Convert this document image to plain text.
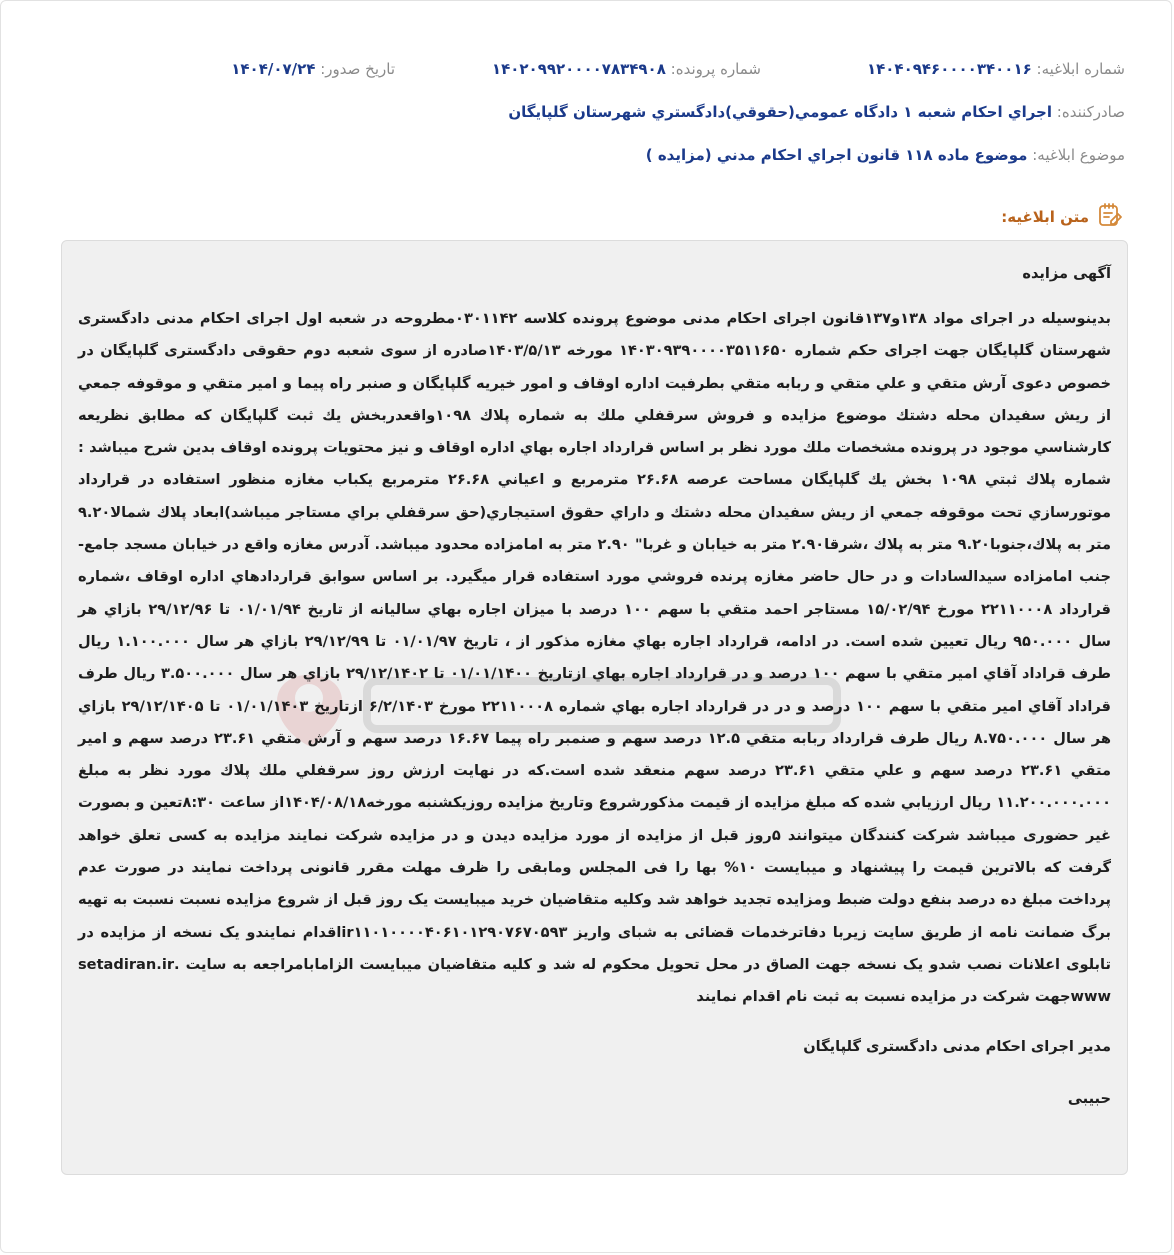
شماره ابلاغيه: ۱۴۰۴۰۹۴۶۰۰۰۰۳۴۰۰۱۶
شماره پرونده: ۱۴۰۲۰۹۹۲۰۰۰۰۷۸۳۴۹۰۸
تاريخ صدور: ۱۴۰۴/۰۷/۲۴
صادرکننده: اجراي احکام شعبه ۱ دادگاه عمومي(حقوقي)دادگستري شهرستان گلپايگان
موضوع ابلاغيه: موضوع ماده ۱۱۸ قانون اجراي احكام مدني (مزايده )
متن ابلاغيه:

آگهی مزایده

بدینوسیله در اجرای مواد ۱۳۸و۱۳۷قانون اجرای احکام مدنی موضوع پرونده کلاسه ۰۳۰۱۱۴۲مطروحه در شعبه اول اجرای احکام مدنی دادگستری شهرستان گلپایگان جهت اجرای حکم شماره ۱۴۰۳۰۹۳۹۰۰۰۰۳۵۱۱۶۵۰ مورخه ۱۴۰۳/۵/۱۳صادره از سوی شعبه دوم حقوقی دادگستری گلپایگان در خصوص دعوی آرش متقي و علي متقي و ربابه متقي بطرفيت اداره اوقاف و امور خيريه گلپايگان و صنبر راه پيما و امير متقي و موقوفه جمعي از ريش سفيدان محله دشتك موضوع مزايده و فروش سرقفلي ملك به شماره پلاك ۱۰۹۸واقعدربخش يك ثبت گلپايگان كه مطابق نظريعه كارشناسي موجود در پرونده مشخصات ملك مورد نظر بر اساس قرارداد اجاره بهاي اداره اوقاف و نيز محتويات پرونده اوقاف بدين شرح ميباشد : شماره پلاك ثبتي ۱۰۹۸ بخش يك گلپايگان مساحت عرصه ۲۶.۶۸ مترمربع و اعياني ۲۶.۶۸ مترمربع يكباب مغازه منظور استفاده در قرارداد موتورسازي تحت موقوفه جمعي از ريش سفيدان محله دشتك و داراي حقوق استيجاري(حق سرقفلي براي مستاجر ميباشد)ابعاد پلاك شمالا۹.۲۰ متر به پلاك،جنوبا۹.۲۰ متر به پلاك ،شرقا۲.۹۰ متر به خيابان و غربا" ۲.۹۰ متر به امامزاده محدود ميباشد. آدرس مغازه واقع در خيابان مسجد جامع-جنب امامزاده سيدالسادات و در حال حاضر مغازه پرنده فروشي مورد استفاده قرار ميگيرد. بر اساس سوابق قراردادهاي اداره اوقاف ،شماره قرارداد ۲۲۱۱۰۰۰۸ مورخ ۱۵/۰۲/۹۴ مستاجر احمد متقي با سهم ۱۰۰ درصد با ميزان اجاره بهاي ساليانه از تاريخ ۰۱/۰۱/۹۴ تا ۲۹/۱۲/۹۶ بازاي هر سال ۹۵۰.۰۰۰ ريال تعيين شده است. در ادامه، قرارداد اجاره بهاي مغازه مذكور از ، تاريخ ۰۱/۰۱/۹۷ تا ۲۹/۱۲/۹۹ بازاي هر سال ۱.۱۰۰.۰۰۰ ريال طرف قراداد آقاي امير متقي با سهم ۱۰۰ درصد و در قرارداد اجاره بهاي ازتاريخ ۰۱/۰۱/۱۴۰۰ تا ۲۹/۱۲/۱۴۰۲ بازاي هر سال ۳.۵۰۰.۰۰۰ ريال طرف قراداد آقاي امير متقي با سهم ۱۰۰ درصد و در در قرارداد اجاره بهاي شماره ۲۲۱۱۰۰۰۸ مورخ ۶/۲/۱۴۰۳ ازتاريخ ۰۱/۰۱/۱۴۰۳ تا ۲۹/۱۲/۱۴۰۵ بازاي هر سال ۸.۷۵۰.۰۰۰ ريال طرف قرارداد ربابه متقي ۱۲.۵ درصد سهم و صنمبر راه پيما ۱۶.۶۷ درصد سهم و آرش متقي ۲۳.۶۱ درصد سهم و امير متقي ۲۳.۶۱ درصد سهم و علي متقي ۲۳.۶۱ درصد سهم منعقد شده است.كه در نهايت ارزش روز سرقفلي ملك پلاك مورد نظر به مبلغ ۱۱.۲۰۰.۰۰۰.۰۰۰ ريال ارزيابي شده كه مبلغ مزايده از قيمت مذكورشروع وتاريخ مزايده روزيكشنبه مورخه۱۴۰۴/۰۸/۱۸از ساعت ۸:۳۰تعين و بصورت غیر حضوری میباشد شرکت کنندگان میتوانند ۵روز قبل از مزایده از مورد مزایده دیدن و در مزایده شرکت نمایند مزایده به کسی تعلق خواهد گرفت که بالاترین قیمت را پیشنهاد و میبایست ۱۰% بها را فی المجلس ومابقی را ظرف مهلت مقرر قانونی پرداخت نمایند در صورت عدم پرداخت مبلغ ده درصد بنفع دولت ضبط ومزایده تجدید خواهد شد وکلیه متقاضیان خرید میبایست یک روز قبل از شروع مزایده نسبت نسبت به تهیه برگ ضمانت نامه از طریق سایت زیربا دفاترخدمات قضائی به شبای واریز ir۱۱۰۱۰۰۰۰۴۰۶۱۰۱۲۹۰۷۶۷۰۵۹۳اقدام نمایندو یک نسخه از مزایده در تابلوی اعلانات نصب شدو یک نسخه جهت الصاق در محل تحویل محکوم له شد و کلیه متقاضیان میبایست الزامابامراجعه به سایت .setadiran.ir wwwجهت شرکت در مزایده نسبت به ثبت نام اقدام نمایند

مدیر اجرای احکام مدنی دادگستری گلپایگان

حبیبی
